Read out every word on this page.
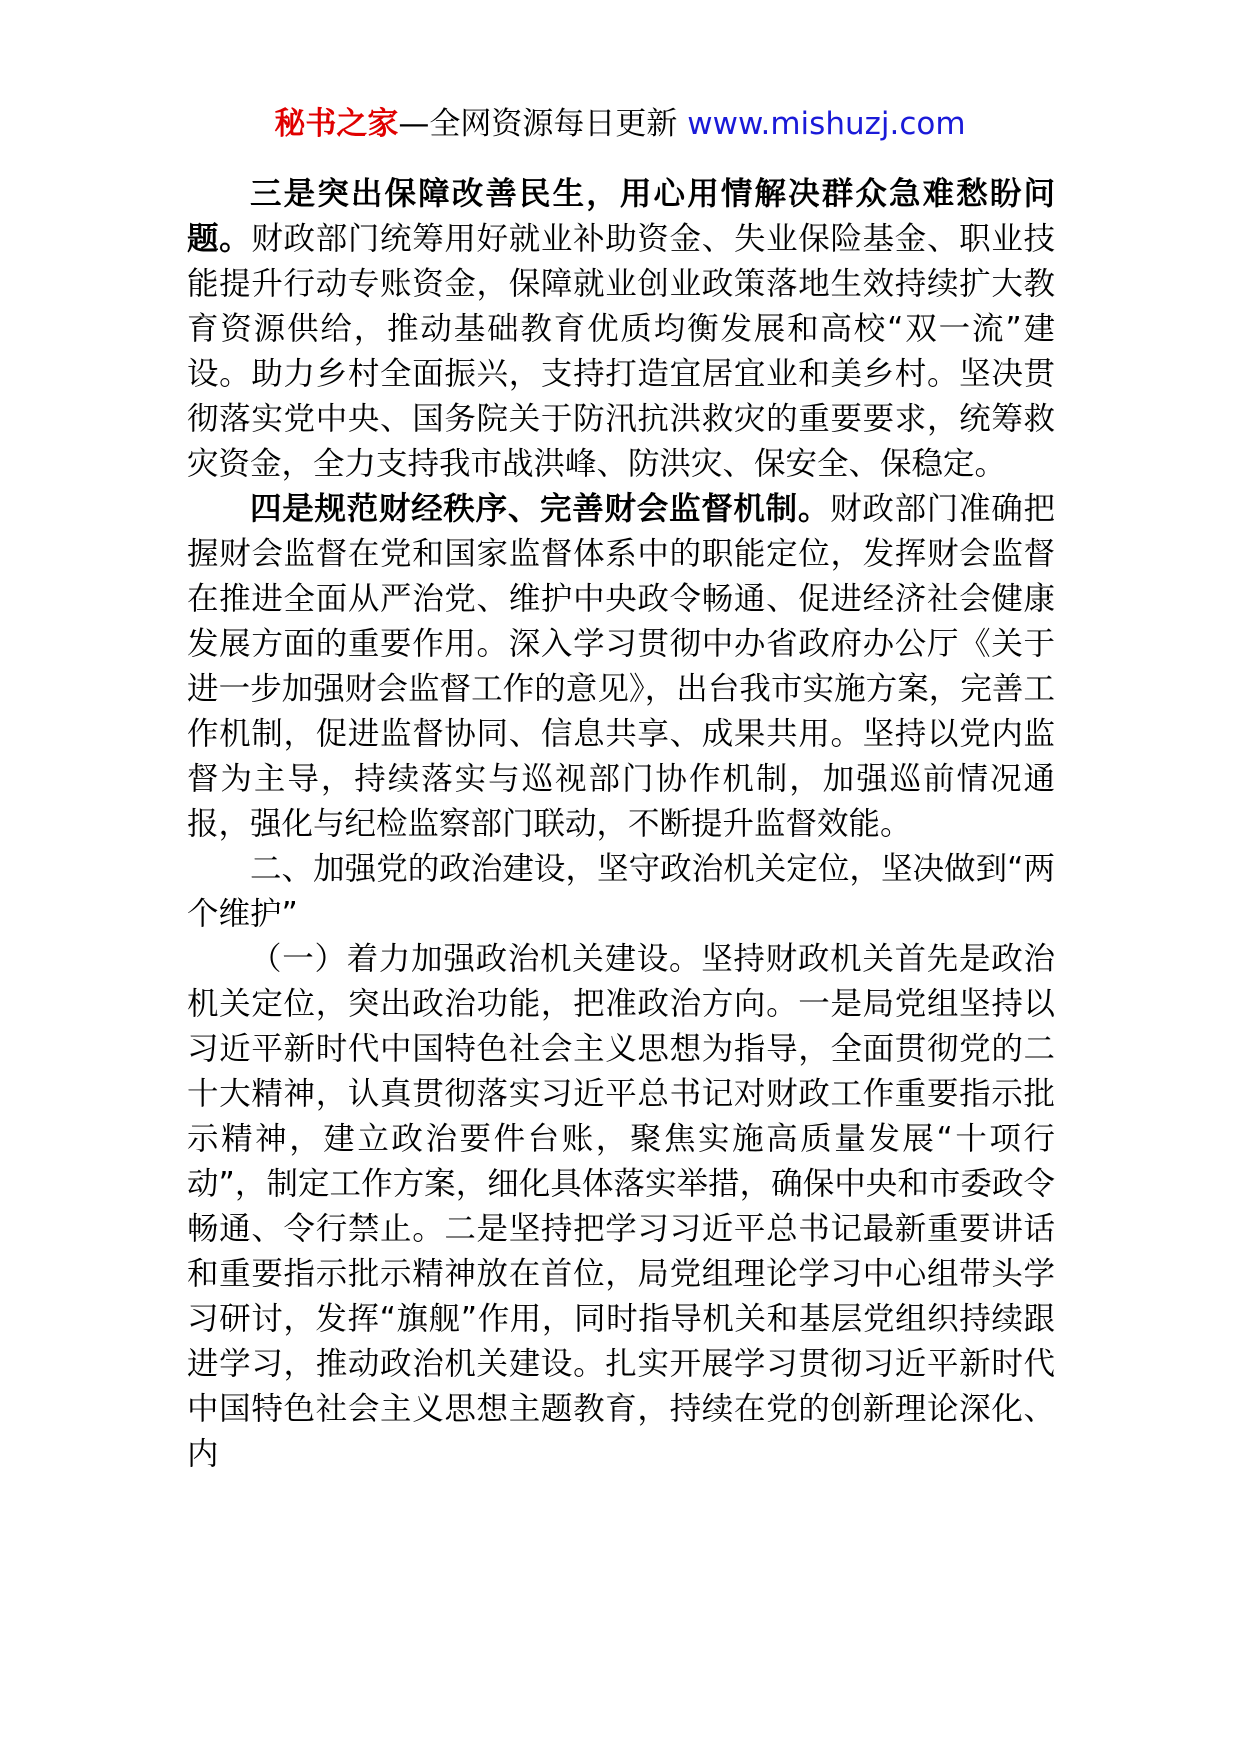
秘书之家—全网资源每日更新 www.mishuzj.com

三是突出保障改善民生，用心用情解决群众急难愁盼问题。财政部门统筹用好就业补助资金、失业保险基金、职业技能提升行动专账资金，保障就业创业政策落地生效持续扩大教育资源供给，推动基础教育优质均衡发展和高校“双一流”建设。助力乡村全面振兴，支持打造宜居宜业和美乡村。坚决贯彻落实党中央、国务院关于防汛抗洪救灾的重要要求，统筹救灾资金，全力支持我市战洪峰、防洪灾、保安全、保稳定。

四是规范财经秩序、完善财会监督机制。财政部门准确把握财会监督在党和国家监督体系中的职能定位，发挥财会监督在推进全面从严治党、维护中央政令畅通、促进经济社会健康发展方面的重要作用。深入学习贯彻中办省政府办公厅《关于进一步加强财会监督工作的意见》，出台我市实施方案，完善工作机制，促进监督协同、信息共享、成果共用。坚持以党内监督为主导，持续落实与巡视部门协作机制，加强巡前情况通报，强化与纪检监察部门联动，不断提升监督效能。

二、加强党的政治建设，坚守政治机关定位，坚决做到“两个维护”

（一）着力加强政治机关建设。坚持财政机关首先是政治机关定位，突出政治功能，把准政治方向。一是局党组坚持以习近平新时代中国特色社会主义思想为指导，全面贯彻党的二十大精神，认真贯彻落实习近平总书记对财政工作重要指示批示精神，建立政治要件台账，聚焦实施高质量发展“十项行动”，制定工作方案，细化具体落实举措，确保中央和市委政令畅通、令行禁止。二是坚持把学习习近平总书记最新重要讲话和重要指示批示精神放在首位，局党组理论学习中心组带头学习研讨，发挥“旗舰”作用，同时指导机关和基层党组织持续跟进学习，推动政治机关建设。扎实开展学习贯彻习近平新时代中国特色社会主义思想主题教育，持续在党的创新理论深化、内
